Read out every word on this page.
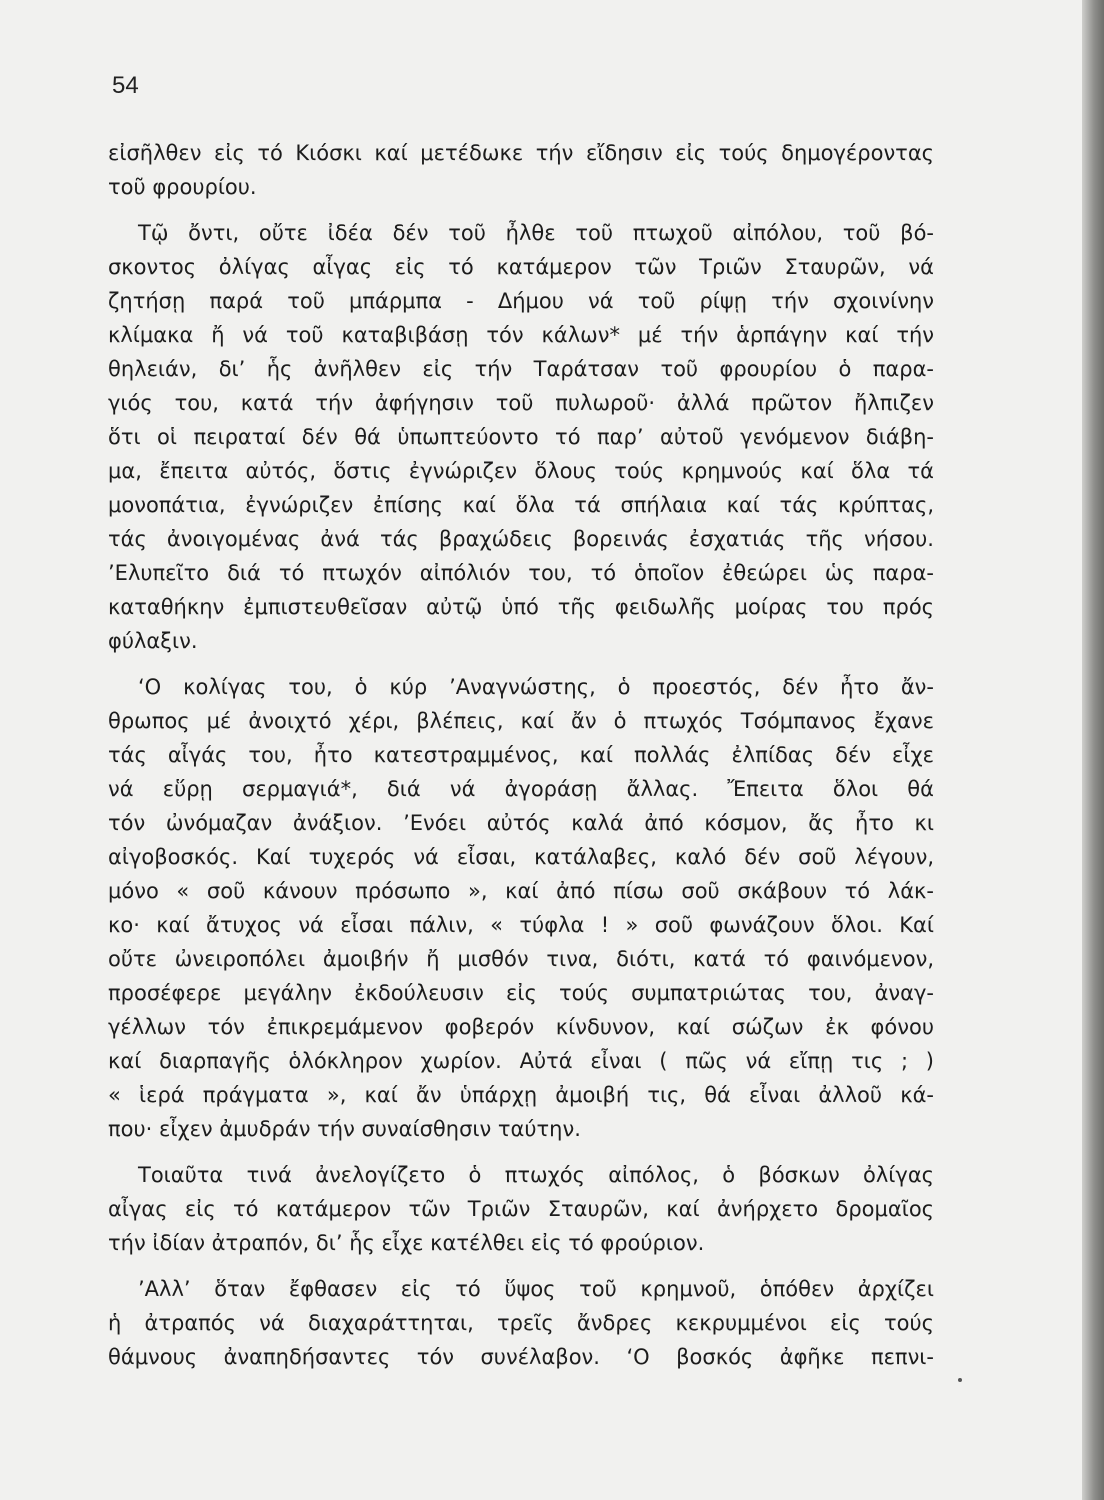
54

εἰσῆλθεν εἰς τό Κιόσκι καί μετέδωκε τήν εἴδησιν εἰς τούς δημογέροντας
τοῦ φρουρίου.

Τῷ ὄντι, οὔτε ἰδέα δέν τοῦ ἦλθε τοῦ πτωχοῦ αἰπόλου, τοῦ βό-
σκοντος ὀλίγας αἶγας εἰς τό κατάμερον τῶν Τριῶν Σταυρῶν, νά
ζητήσῃ παρά τοῦ μπάρμπα - Δήμου νά τοῦ ρίψῃ τήν σχοινίνην
κλίμακα ἤ νά τοῦ καταβιβάσῃ τόν κάλων* μέ τήν ἁρπάγην καί τήν
θηλειάν, δι’ ἧς ἀνῆλθεν εἰς τήν Ταράτσαν τοῦ φρουρίου ὁ παρα-
γιός του, κατά τήν ἀφήγησιν τοῦ πυλωροῦ· ἀλλά πρῶτον ἤλπιζεν
ὅτι οἱ πειραταί δέν θά ὑπωπτεύοντο τό παρ’ αὐτοῦ γενόμενον διάβη-
μα, ἔπειτα αὐτός, ὅστις ἐγνώριζεν ὅλους τούς κρημνούς καί ὅλα τά
μονοπάτια, ἐγνώριζεν ἐπίσης καί ὅλα τά σπήλαια καί τάς κρύπτας,
τάς ἀνοιγομένας ἀνά τάς βραχώδεις βορεινάς ἐσχατιάς τῆς νήσου.
’Ελυπεῖτο διά τό πτωχόν αἰπόλιόν του, τό ὁποῖον ἐθεώρει ὡς παρα-
καταθήκην ἐμπιστευθεῖσαν αὐτῷ ὑπό τῆς φειδωλῆς μοίρας του πρός
φύλαξιν.

‘Ο κολίγας του, ὁ κύρ ’Αναγνώστης, ὁ προεστός, δέν ἦτο ἄν-
θρωπος μέ ἀνοιχτό χέρι, βλέπεις, καί ἄν ὁ πτωχός Τσόμπανος ἔχανε
τάς αἶγάς του, ἦτο κατεστραμμένος, καί πολλάς ἐλπίδας δέν εἶχε
νά εὕρῃ σερμαγιά*, διά νά ἀγοράσῃ ἄλλας. Ἔπειτα ὅλοι θά
τόν ὠνόμαζαν ἀνάξιον. ’Ενόει αὐτός καλά ἀπό κόσμον, ἄς ἦτο κι
αἰγοβοσκός. Καί τυχερός νά εἶσαι, κατάλαβες, καλό δέν σοῦ λέγουν,
μόνο « σοῦ κάνουν πρόσωπο », καί ἀπό πίσω σοῦ σκάβουν τό λάκ-
κο· καί ἄτυχος νά εἶσαι πάλιν, « τύφλα ! » σοῦ φωνάζουν ὅλοι. Καί
οὔτε ὠνειροπόλει ἀμοιβήν ἤ μισθόν τινα, διότι, κατά τό φαινόμενον,
προσέφερε μεγάλην ἐκδούλευσιν εἰς τούς συμπατριώτας του, ἀναγ-
γέλλων τόν ἐπικρεμάμενον φοβερόν κίνδυνον, καί σώζων ἐκ φόνου
καί διαρπαγῆς ὁλόκληρον χωρίον. Αὐτά εἶναι ( πῶς νά εἴπῃ τις ; )
« ἱερά πράγματα », καί ἄν ὑπάρχῃ ἀμοιβή τις, θά εἶναι ἀλλοῦ κά-
που· εἶχεν ἀμυδράν τήν συναίσθησιν ταύτην.

Τοιαῦτα τινά ἀνελογίζετο ὁ πτωχός αἰπόλος, ὁ βόσκων ὀλίγας
αἶγας εἰς τό κατάμερον τῶν Τριῶν Σταυρῶν, καί ἀνήρχετο δρομαῖος
τήν ἰδίαν ἀτραπόν, δι’ ἧς εἶχε κατέλθει εἰς τό φρούριον.

’Αλλ’ ὅταν ἔφθασεν εἰς τό ὕψος τοῦ κρημνοῦ, ὁπόθεν ἀρχίζει
ἡ ἀτραπός νά διαχαράττηται, τρεῖς ἄνδρες κεκρυμμένοι εἰς τούς
θάμνους ἀναπηδήσαντες τόν συνέλαβον. ‘Ο βοσκός ἀφῆκε πεπνι-
